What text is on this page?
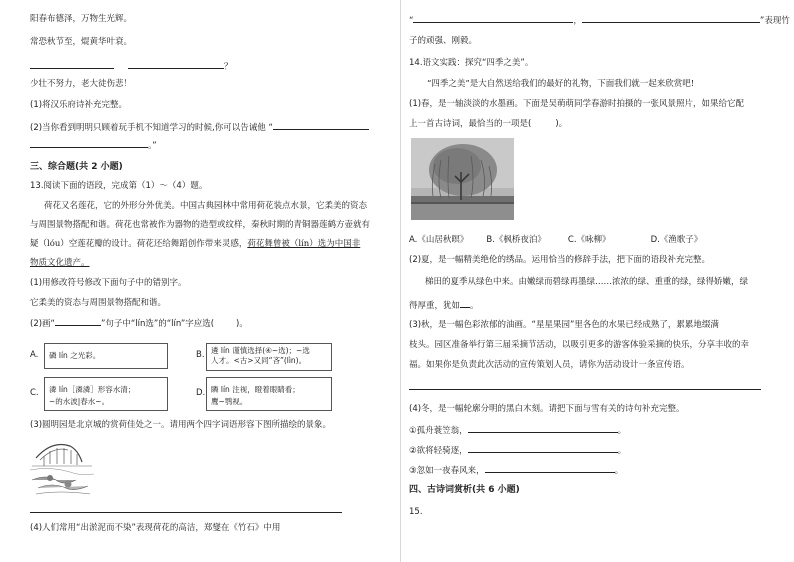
阳春布德泽，万物生光辉。
常恐秋节至，焜黄华叶衰。
？
少壮不努力，老大徒伤悲！
(1)将汉乐府诗补充完整。
(2)当你看到明明只顾着玩手机不知道学习的时候,你可以告诫他 “
。”
三、综合题(共 2 小题)
13.阅读下面的语段，完成第（1）～（4）题。
荷花又名莲花，它的外形分外优美。中国古典园林中常用荷花装点水景，它柔美的资态
与周围景物搭配和谐。荷花也常被作为器物的造型或纹样，秦秋时期的青铜器莲鹤方壶就有
疑（lóu）空莲花瓣的设计。荷花还给舞蹈创作带来灵感，荷花舞曾被（lín）选为中国非
物质文化遗产。
(1)用修改符号修改下面句子中的错别字。
它柔美的资态与周围景物搭配和谐。
(2)画“	”句子中“lín选”的“lín”字应选(	)。
A.	磷 lín 之光彩。	B. 遴 lín 谨慎选择(④~选)；~选
人才。<古>又同“吝”(lìn)。
C. 潾 lín［潾潾］形容水清；
~的水波|春水~。
D. 瞵 lín 注视，瞪着眼睛看；
鹰~鹗视。
(3)圆明园是北京城的赏荷佳处之一。请用两个四字词语形容下图所描绘的景象。
(4)人们常用“出淤泥而不染”表现荷花的高洁，郑燮在《竹石》中用
“	，	”表现竹
子的顽强、刚毅。
14.语文实践：探究“四季之美”。
“四季之美”是大自然送给我们的最好的礼物，下面我们就一起来欣赏吧!
(1)春，是一轴淡淡的水墨画。下面是吴萌萌同学春游时拍摄的一张风景照片，如果给它配
上一首古诗词，最恰当的一项是(	)。
A.《山居秋暝》 B.《枫桥夜泊》	C.《咏柳》	D.《渔歌子》
(2)夏，是一幅精美绝伦的绣品。运用恰当的修辞手法，把下面的语段补充完整。
梯田的夏季从绿色中来。由嫩绿而碧绿再墨绿……浓浓的绿、重重的绿，绿得娇嫩，绿
得厚重，犹如 。
(3)秋，是一幅色彩浓郁的油画。“星星果园”里各色的水果已经成熟了，累累地缀满
枝头。园区准备举行第三届采摘节活动，以吸引更多的游客体验采摘的快乐，分享丰收的幸
福。如果你是负责此次活动的宣传策划人员，请你为活动设计一条宣传语。
(4)冬，是一幅轮廓分明的黑白木刻。请把下面与雪有关的诗句补充完整。
①孤舟蓑笠翁，	。
②欲将轻骑逐，	。
③忽如一夜春风来，	。
四、古诗词赏析(共 6 小题)
15.
